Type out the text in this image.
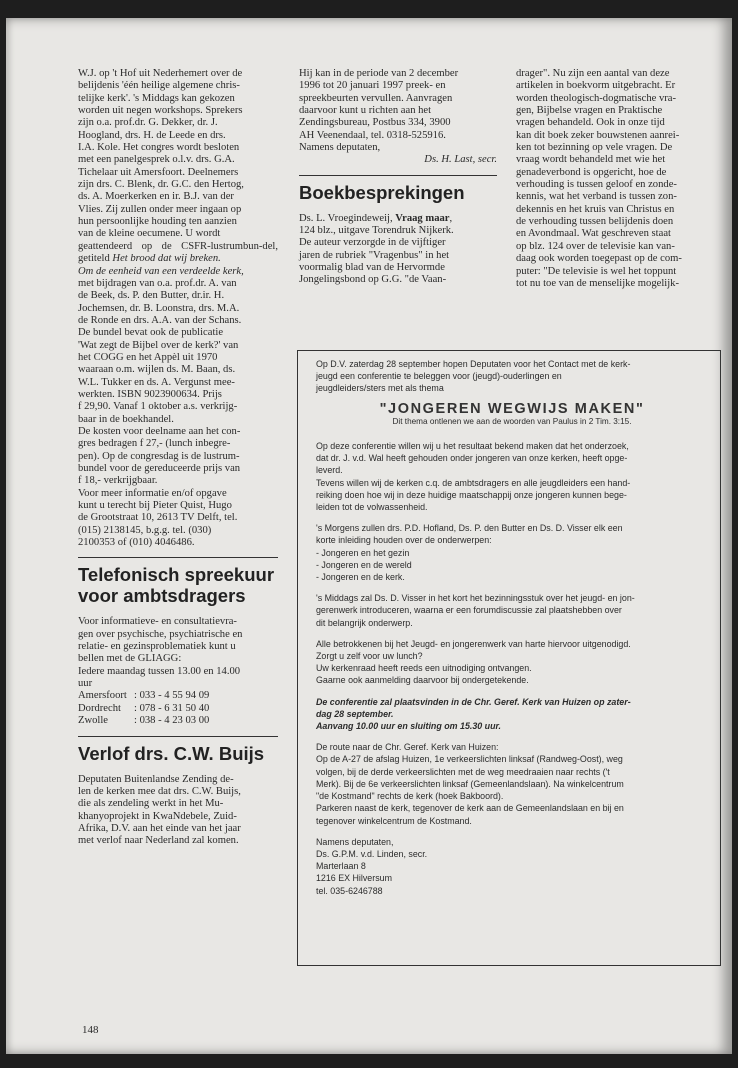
W.J. op 't Hof uit Nederhemert over de
belijdenis 'één heilige algemene chris-
telijke kerk'. 's Middags kan gekozen
worden uit negen workshops. Sprekers
zijn o.a. prof.dr. G. Dekker, dr. J.
Hoogland, drs. H. de Leede en drs.
I.A. Kole. Het congres wordt besloten
met een panelgesprek o.l.v. drs. G.A.
Tichelaar uit Amersfoort. Deelnemers
zijn drs. C. Blenk, dr. G.C. den Hertog,
ds. A. Moerkerken en ir. B.J. van der
Vlies. Zij zullen onder meer ingaan op
hun persoonlijke houding ten aanzien
van de kleine oecumene. U wordt
geattendeerd op de CSFR-lustrumbun-del, getiteld Het brood dat wij breken.
Om de eenheid van een verdeelde kerk,
met bijdragen van o.a. prof.dr. A. van
de Beek, ds. P. den Butter, dr.ir. H.
Jochemsen, dr. B. Loonstra, drs. M.A.
de Ronde en drs. A.A. van der Schans.
De bundel bevat ook de publicatie
'Wat zegt de Bijbel over de kerk?' van
het COGG en het Appèl uit 1970
waaraan o.m. wijlen ds. M. Baan, ds.
W.L. Tukker en ds. A. Vergunst mee-
werkten. ISBN 9023900634. Prijs
f 29,90. Vanaf 1 oktober a.s. verkrijg-
baar in de boekhandel.

De kosten voor deelname aan het con-
gres bedragen f 27,- (lunch inbegre-
pen). Op de congresdag is de lustrum-
bundel voor de gereduceerde prijs van
f 18,- verkrijgbaar.

Voor meer informatie en/of opgave
kunt u terecht bij Pieter Quist, Hugo
de Grootstraat 10, 2613 TV Delft, tel.
(015) 2138145, b.g.g. tel. (030)
2100353 of (010) 4046486.

Telefonisch spreekuur voor ambtsdragers

Voor informatieve- en consultatievra-
gen over psychische, psychiatrische en
relatie- en gezinsproblematiek kunt u
bellen met de GLIAGG:
Iedere maandag tussen 13.00 en 14.00
uur

Amersfoort : 033 - 4 55 94 09
Dordrecht	: 078 - 6 31 50 40
Zwolle	: 038 - 4 23 03 00
Verlof drs. C.W. Buijs

Deputaten Buitenlandse Zending de-
len de kerken mee dat drs. C.W. Buijs,
die als zendeling werkt in het Mu-
khanyoprojekt in KwaNdebele, Zuid-
Afrika, D.V. aan het einde van het jaar
met verlof naar Nederland zal komen.

Hij kan in de periode van 2 december
1996 tot 20 januari 1997 preek- en
spreekbeurten vervullen. Aanvragen
daarvoor kunt u richten aan het
Zendingsbureau, Postbus 334, 3900
AH Veenendaal, tel. 0318-525916.
Namens deputaten,

Ds. H. Last, secr.

Boekbesprekingen

Ds. L. Vroegindeweij, Vraag maar,
124 blz., uitgave Torendruk Nijkerk.
De auteur verzorgde in de vijftiger
jaren de rubriek "Vragenbus" in het
voormalig blad van de Hervormde
Jongelingsbond op G.G. "de Vaan-

drager". Nu zijn een aantal van deze
artikelen in boekvorm uitgebracht. Er
worden theologisch-dogmatische vra-
gen, Bijbelse vragen en Praktische
vragen behandeld. Ook in onze tijd
kan dit boek zeker bouwstenen aanrei-
ken tot bezinning op vele vragen. De
vraag wordt behandeld met wie het
genadeverbond is opgericht, hoe de
verhouding is tussen geloof en zonde-
kennis, wat het verband is tussen zon-
dekennis en het kruis van Christus en
de verhouding tussen belijdenis doen
en Avondmaal. Wat geschreven staat
op blz. 124 over de televisie kan van-
daag ook worden toegepast op de com-
puter: "De televisie is wel het toppunt
tot nu toe van de menselijke mogelijk-

Op D.V. zaterdag 28 september hopen Deputaten voor het Contact met de kerk-
jeugd een conferentie te beleggen voor (jeugd)-ouderlingen en
jeugdleiders/sters met als thema

"JONGEREN WEGWIJS MAKEN"
Dit thema ontlenen we aan de woorden van Paulus in 2 Tim. 3:15.

Op deze conferentie willen wij u het resultaat bekend maken dat het onderzoek,
dat dr. J. v.d. Wal heeft gehouden onder jongeren van onze kerken, heeft opge-
leverd.
Tevens willen wij de kerken c.q. de ambtsdragers en alle jeugdleiders een hand-
reiking doen hoe wij in deze huidige maatschappij onze jongeren kunnen bege-
leiden tot de volwassenheid.

's Morgens zullen drs. P.D. Hofland, Ds. P. den Butter en Ds. D. Visser elk een
korte inleiding houden over de onderwerpen:
- Jongeren en het gezin
- Jongeren en de wereld
- Jongeren en de kerk.

's Middags zal Ds. D. Visser in het kort het bezinningsstuk over het jeugd- en jon-
gerenwerk introduceren, waarna er een forumdiscussie zal plaatshebben over
dit belangrijk onderwerp.

Alle betrokkenen bij het Jeugd- en jongerenwerk van harte hiervoor uitgenodigd.
Zorgt u zelf voor uw lunch?
Uw kerkenraad heeft reeds een uitnodiging ontvangen.
Gaarne ook aanmelding daarvoor bij ondergetekende.

De conferentie zal plaatsvinden in de Chr. Geref. Kerk van Huizen op zater-
dag 28 september.
Aanvang 10.00 uur en sluiting om 15.30 uur.

De route naar de Chr. Geref. Kerk van Huizen:
Op de A-27 de afslag Huizen, 1e verkeerslichten linksaf (Randweg-Oost), weg
volgen, bij de derde verkeerslichten met de weg meedraaien naar rechts ('t
Merk). Bij de 6e verkeerslichten linksaf (Gemeenlandslaan). Na winkelcentrum
"de Kostmand" rechts de kerk (hoek Bakboord).
Parkeren naast de kerk, tegenover de kerk aan de Gemeenlandslaan en bij en
tegenover winkelcentrum de Kostmand.

Namens deputaten,
Ds. G.P.M. v.d. Linden, secr.
Marterlaan 8
1216 EX Hilversum
tel. 035-6246788

148
